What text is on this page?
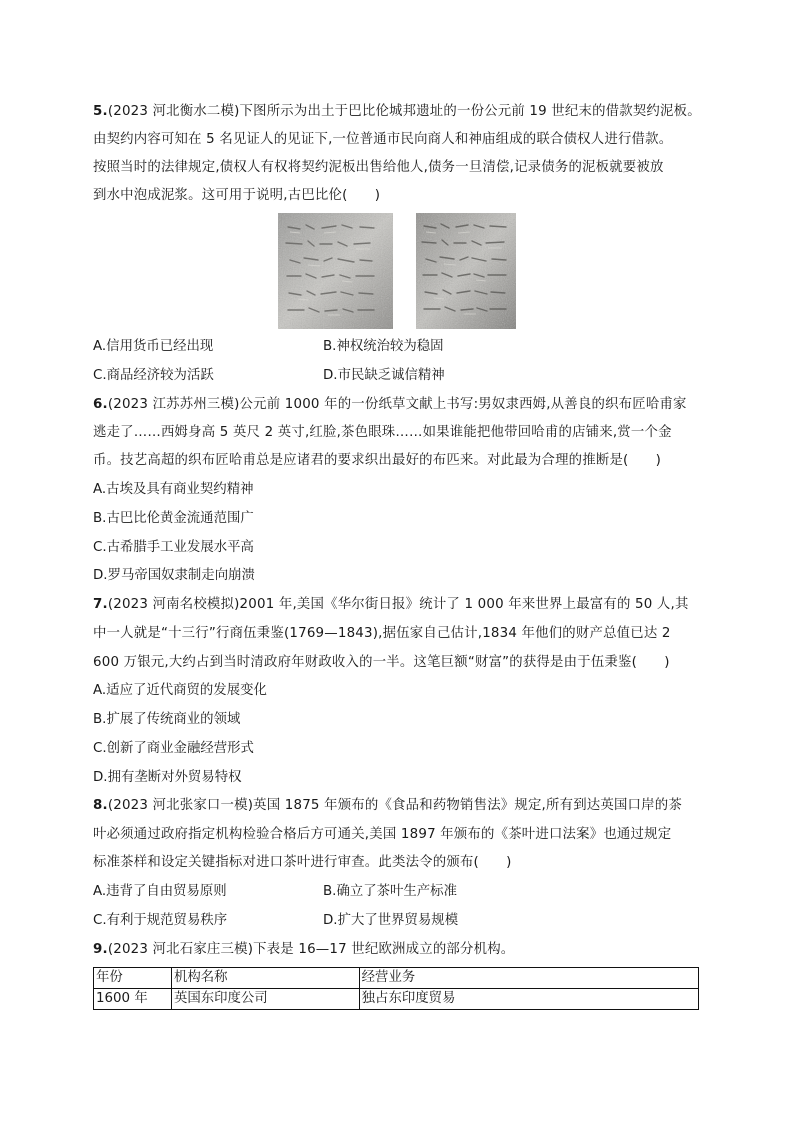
5.(2023 河北衡水二模)下图所示为出土于巴比伦城邦遗址的一份公元前 19 世纪末的借款契约泥板。
由契约内容可知在 5 名见证人的见证下,一位普通市民向商人和神庙组成的联合债权人进行借款。
按照当时的法律规定,债权人有权将契约泥板出售给他人,债务一旦清偿,记录债务的泥板就要被放
到水中泡成泥浆。这可用于说明,古巴比伦(　　)
A.信用货币已经出现	B.神权统治较为稳固
C.商品经济较为活跃	D.市民缺乏诚信精神
6.(2023 江苏苏州三模)公元前 1000 年的一份纸草文献上书写:男奴隶西姆,从善良的织布匠哈甫家
逃走了……西姆身高 5 英尺 2 英寸,红脸,茶色眼珠……如果谁能把他带回哈甫的店铺来,赏一个金
币。技艺高超的织布匠哈甫总是应诸君的要求织出最好的布匹来。对此最为合理的推断是(　　)
A.古埃及具有商业契约精神
B.古巴比伦黄金流通范围广
C.古希腊手工业发展水平高
D.罗马帝国奴隶制走向崩溃
7.(2023 河南名校模拟)2001 年,美国《华尔街日报》统计了 1 000 年来世界上最富有的 50 人,其
中一人就是“十三行”行商伍秉鉴(1769—1843),据伍家自己估计,1834 年他们的财产总值已达 2
600 万银元,大约占到当时清政府年财政收入的一半。这笔巨额“财富”的获得是由于伍秉鉴(　　)
A.适应了近代商贸的发展变化
B.扩展了传统商业的领域
C.创新了商业金融经营形式
D.拥有垄断对外贸易特权
8.(2023 河北张家口一模)英国 1875 年颁布的《食品和药物销售法》规定,所有到达英国口岸的茶
叶必须通过政府指定机构检验合格后方可通关,美国 1897 年颁布的《茶叶进口法案》也通过规定
标准茶样和设定关键指标对进口茶叶进行审查。此类法令的颁布(　　)
A.违背了自由贸易原则	B.确立了茶叶生产标准
C.有利于规范贸易秩序	D.扩大了世界贸易规模
9.(2023 河北石家庄三模)下表是 16—17 世纪欧洲成立的部分机构。
年份	机构名称	经营业务
1600 年	英国东印度公司	独占东印度贸易
